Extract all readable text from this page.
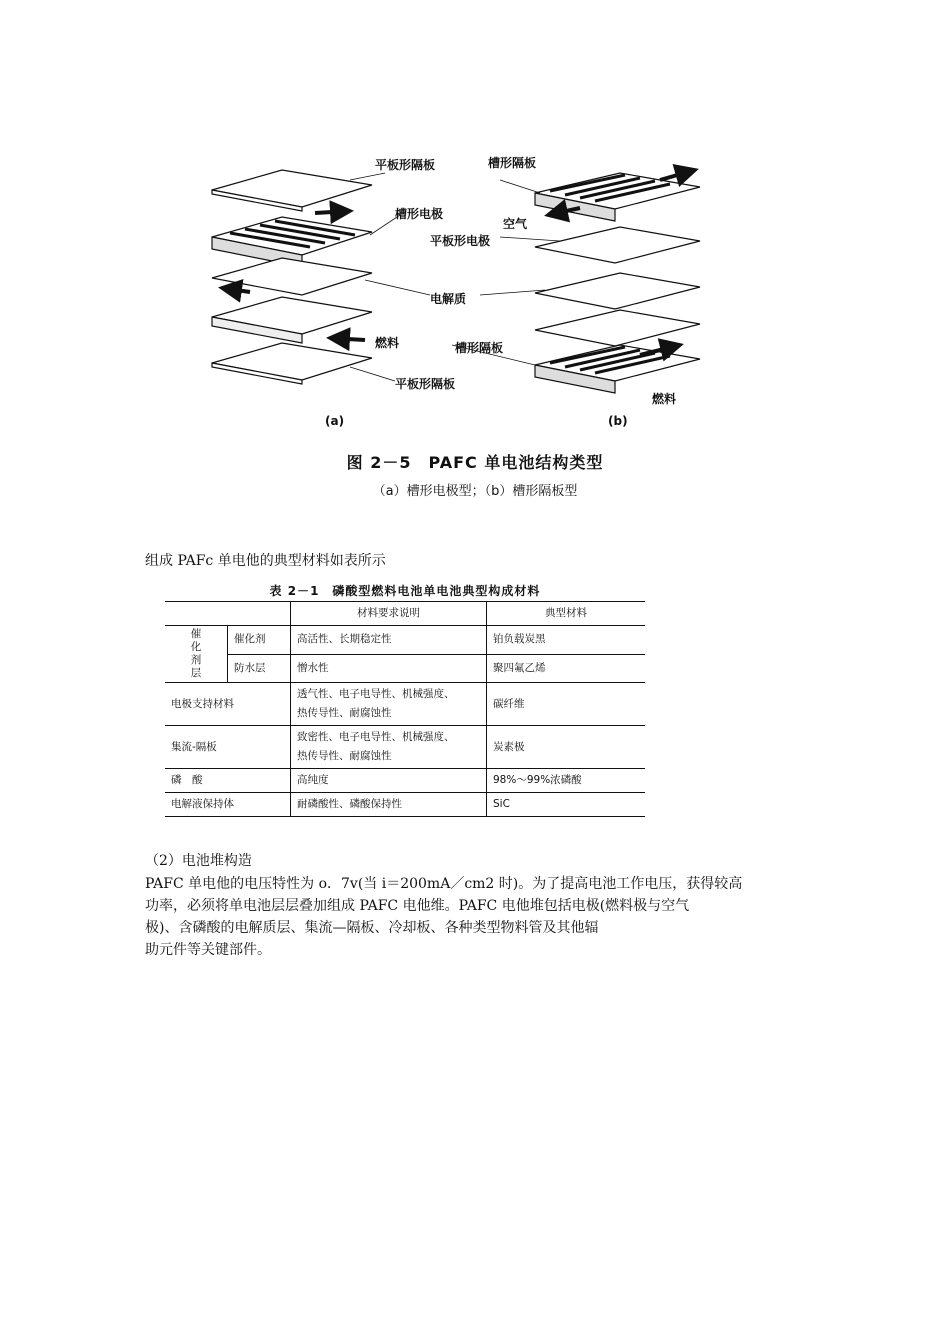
平板形隔板
槽形电极
电解质
燃料
平板形隔板
槽形隔板
空气
平板形电极
槽形隔板
燃料
(a)	(b)
图 2－5　PAFC 单电池结构类型
（a）槽形电极型；（b）槽形隔板型
组成 PAFc 单电他的典型材料如表所示
表 2－1　磷酸型燃料电池单电池典型构成材料
		材料要求说明	典型材料

催化剂层	催化剂	高活性、长期稳定性	铂负载炭黑
	防水层	憎水性	聚四氟乙烯
电极支持材料		透气性、电子电导性、机械强度、
热传导性、耐腐蚀性	碳纤维
集流-隔板		致密性、电子电导性、机械强度、
热传导性、耐腐蚀性	炭素极
磷　酸		高纯度	98%～99%浓磷酸
电解液保持体		耐磷酸性、磷酸保持性	SiC
（2）电池堆构造
PAFC 单电他的电压特性为 o．7v(当 i＝200mA／cm2 时)。为了提高电池工作电压，获得较高
功率，必须将单电池层层叠加组成 PAFC 电他维。PAFC 电他堆包括电极(燃料极与空气
极)、含磷酸的电解质层、集流—隔板、冷却板、各种类型物料管及其他辐
助元件等关键部件。
